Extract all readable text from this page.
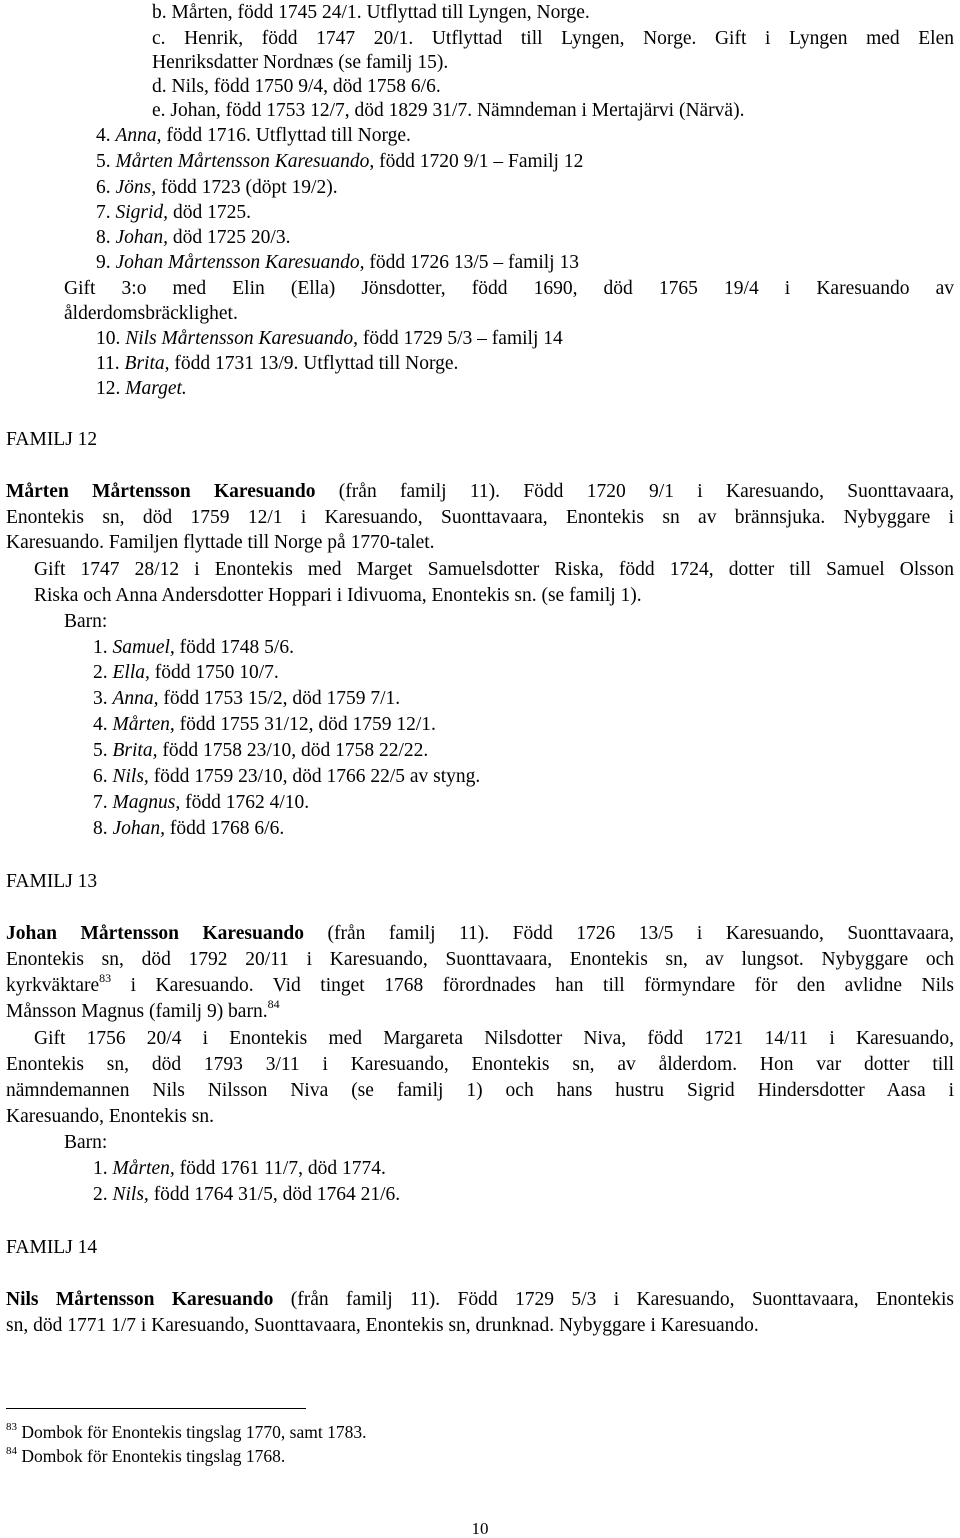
b. Mårten, född 1745 24/1. Utflyttad till Lyngen, Norge.
c. Henrik, född 1747 20/1. Utflyttad till Lyngen, Norge. Gift i Lyngen med Elen
Henriksdatter Nordnæs (se familj 15).
d. Nils, född 1750 9/4, död 1758 6/6.
e. Johan, född 1753 12/7, död 1829 31/7. Nämndeman i Mertajärvi (Närvä).
4. Anna, född 1716. Utflyttad till Norge.
5. Mårten Mårtensson Karesuando, född 1720 9/1 – Familj 12
6. Jöns, född 1723 (döpt 19/2).
7. Sigrid, död 1725.
8. Johan, död 1725 20/3.
9. Johan Mårtensson Karesuando, född 1726 13/5 – familj 13
Gift 3:o med Elin (Ella) Jönsdotter, född 1690, död 1765 19/4 i Karesuando av
ålderdomsbräcklighet.
10. Nils Mårtensson Karesuando, född 1729 5/3 – familj 14
11. Brita, född 1731 13/9. Utflyttad till Norge.
12. Marget.
FAMILJ 12
Mårten Mårtensson Karesuando (från familj 11). Född 1720 9/1 i Karesuando, Suonttavaara,
Enontekis sn, död 1759 12/1 i Karesuando, Suonttavaara, Enontekis sn av brännsjuka. Nybyggare i
Karesuando. Familjen flyttade till Norge på 1770-talet.
Gift 1747 28/12 i Enontekis med Marget Samuelsdotter Riska, född 1724, dotter till Samuel Olsson
Riska och Anna Andersdotter Hoppari i Idivuoma, Enontekis sn. (se familj 1).
Barn:
1. Samuel, född 1748 5/6.
2. Ella, född 1750 10/7.
3. Anna, född 1753 15/2, död 1759 7/1.
4. Mårten, född 1755 31/12, död 1759 12/1.
5. Brita, född 1758 23/10, död 1758 22/22.
6. Nils, född 1759 23/10, död 1766 22/5 av styng.
7. Magnus, född 1762 4/10.
8. Johan, född 1768 6/6.
FAMILJ 13
Johan Mårtensson Karesuando (från familj 11). Född 1726 13/5 i Karesuando, Suonttavaara,
Enontekis sn, död 1792 20/11 i Karesuando, Suonttavaara, Enontekis sn, av lungsot. Nybyggare och
kyrkväktare$^{83}$ i Karesuando. Vid tinget 1768 förordnades han till förmyndare för den avlidne Nils
Månsson Magnus (familj 9) barn.$^{84}$
Gift 1756 20/4 i Enontekis med Margareta Nilsdotter Niva, född 1721 14/11 i Karesuando,
Enontekis sn, död 1793 3/11 i Karesuando, Enontekis sn, av ålderdom. Hon var dotter till
nämndemannen Nils Nilsson Niva (se familj 1) och hans hustru Sigrid Hindersdotter Aasa i
Karesuando, Enontekis sn.
Barn:
1. Mårten, född 1761 11/7, död 1774.
2. Nils, född 1764 31/5, död 1764 21/6.
FAMILJ 14
Nils Mårtensson Karesuando (från familj 11). Född 1729 5/3 i Karesuando, Suonttavaara, Enontekis
sn, död 1771 1/7 i Karesuando, Suonttavaara, Enontekis sn, drunknad. Nybyggare i Karesuando.
$^{83}$ Dombok för Enontekis tingslag 1770, samt 1783.
$^{84}$ Dombok för Enontekis tingslag 1768.
10
